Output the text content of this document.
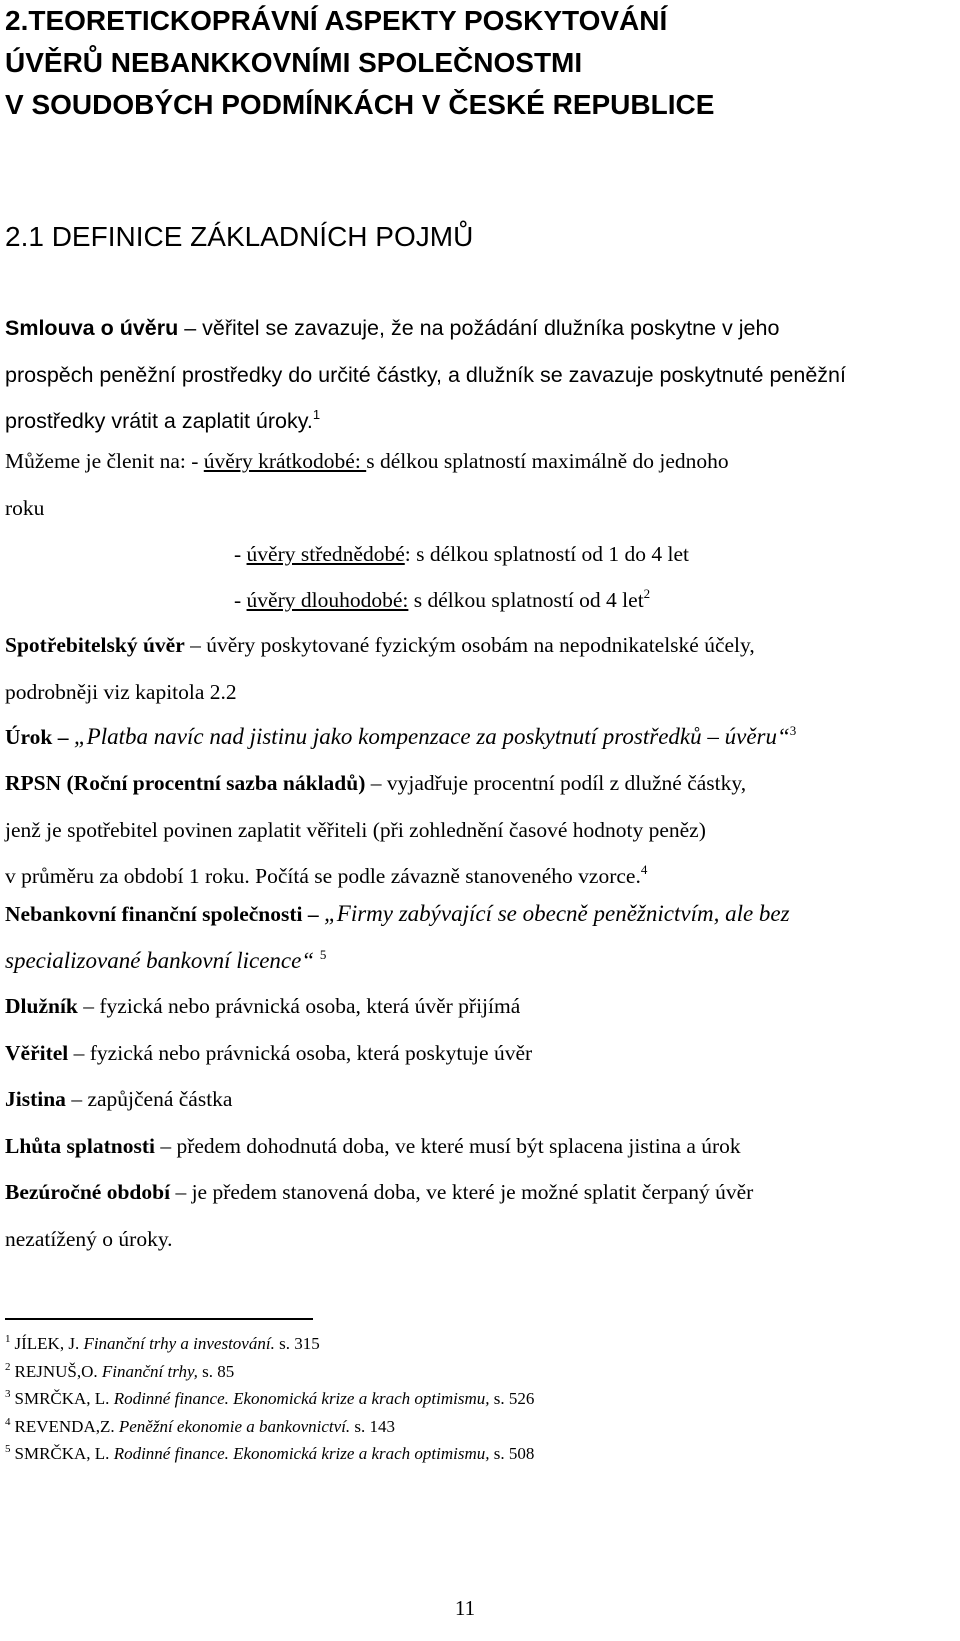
2.TEORETICKOPRÁVNÍ ASPEKTY POSKYTOVÁNÍ
ÚVĚRŮ NEBANKKOVNÍMI SPOLEČNOSTMI
V SOUDOBÝCH PODMÍNKÁCH V ČESKÉ REPUBLICE
2.1 DEFINICE ZÁKLADNÍCH POJMŮ
Smlouva o úvěru – věřitel se zavazuje, že na požádání dlužníka poskytne v jeho
prospěch peněžní prostředky do určité částky, a dlužník se zavazuje poskytnuté peněžní
prostředky vrátit a zaplatit úroky.$^1$
Můžeme je členit na: - úvěry krátkodobé: s délkou splatností maximálně do jednoho
roku
- úvěry střednědobé: s délkou splatností od 1 do 4 let
- úvěry dlouhodobé: s délkou splatností od 4 let$^2$
Spotřebitelský úvěr – úvěry poskytované fyzickým osobám na nepodnikatelské účely,
podrobněji viz kapitola 2.2
Úrok – „Platba navíc nad jistinu jako kompenzace za poskytnutí prostředků – úvěru“$^3$
RPSN (Roční procentní sazba nákladů) – vyjadřuje procentní podíl z dlužné částky,
jenž je spotřebitel povinen zaplatit věřiteli (při zohlednění časové hodnoty peněz)
v průměru za období 1 roku. Počítá se podle závazně stanoveného vzorce.$^4$
Nebankovní finanční společnosti – „Firmy zabývající se obecně peněžnictvím, ale bez
specializované bankovní licence“ $^5$
Dlužník – fyzická nebo právnická osoba, která úvěr přijímá
Věřitel – fyzická nebo právnická osoba, která poskytuje úvěr
Jistina – zapůjčená částka
Lhůta splatnosti – předem dohodnutá doba, ve které musí být splacena jistina a úrok
Bezúročné období – je předem stanovená doba, ve které je možné splatit čerpaný úvěr
nezatížený o úroky.
$^1$ JÍLEK, J. Finanční trhy a investování. s. 315
$^2$ REJNUŠ,O. Finanční trhy, s. 85
$^3$ SMRČKA, L. Rodinné finance. Ekonomická krize a krach optimismu, s. 526
$^4$ REVENDA,Z. Peněžní ekonomie a bankovnictví. s. 143
$^5$ SMRČKA, L. Rodinné finance. Ekonomická krize a krach optimismu, s. 508
11
